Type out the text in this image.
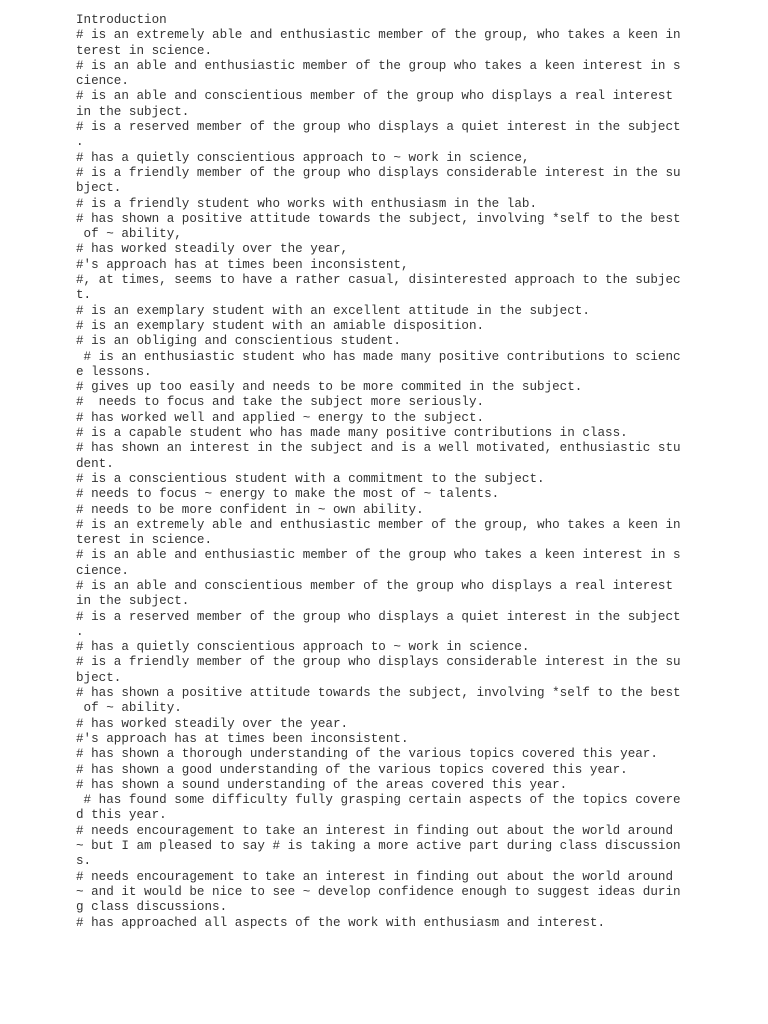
Introduction
# is an extremely able and enthusiastic member of the group, who takes a keen in
terest in science.
# is an able and enthusiastic member of the group who takes a keen interest in s
cience.
# is an able and conscientious member of the group who displays a real interest
in the subject.
# is a reserved member of the group who displays a quiet interest in the subject
.
# has a quietly conscientious approach to ~ work in science,
# is a friendly member of the group who displays considerable interest in the su
bject.
# is a friendly student who works with enthusiasm in the lab.
# has shown a positive attitude towards the subject, involving *self to the best
of ~ ability,
# has worked steadily over the year,
#'s approach has at times been inconsistent,
#, at times, seems to have a rather casual, disinterested approach to the subjec
t.
# is an exemplary student with an excellent attitude in the subject.
# is an exemplary student with an amiable disposition.
# is an obliging and conscientious student.
# is an enthusiastic student who has made many positive contributions to scienc
e lessons.
# gives up too easily and needs to be more commited in the subject.
#  needs to focus and take the subject more seriously.
# has worked well and applied ~ energy to the subject.
# is a capable student who has made many positive contributions in class.
# has shown an interest in the subject and is a well motivated, enthusiastic stu
dent.
# is a conscientious student with a commitment to the subject.
# needs to focus ~ energy to make the most of ~ talents.
# needs to be more confident in ~ own ability.
# is an extremely able and enthusiastic member of the group, who takes a keen in
terest in science.
# is an able and enthusiastic member of the group who takes a keen interest in s
cience.
# is an able and conscientious member of the group who displays a real interest
in the subject.
# is a reserved member of the group who displays a quiet interest in the subject
.
# has a quietly conscientious approach to ~ work in science.
# is a friendly member of the group who displays considerable interest in the su
bject.
# has shown a positive attitude towards the subject, involving *self to the best
of ~ ability.
# has worked steadily over the year.
#'s approach has at times been inconsistent.
# has shown a thorough understanding of the various topics covered this year.
# has shown a good understanding of the various topics covered this year.
# has shown a sound understanding of the areas covered this year.
# has found some difficulty fully grasping certain aspects of the topics covere
d this year.
# needs encouragement to take an interest in finding out about the world around
~ but I am pleased to say # is taking a more active part during class discussion
s.
# needs encouragement to take an interest in finding out about the world around
~ and it would be nice to see ~ develop confidence enough to suggest ideas durin
g class discussions.
# has approached all aspects of the work with enthusiasm and interest.
